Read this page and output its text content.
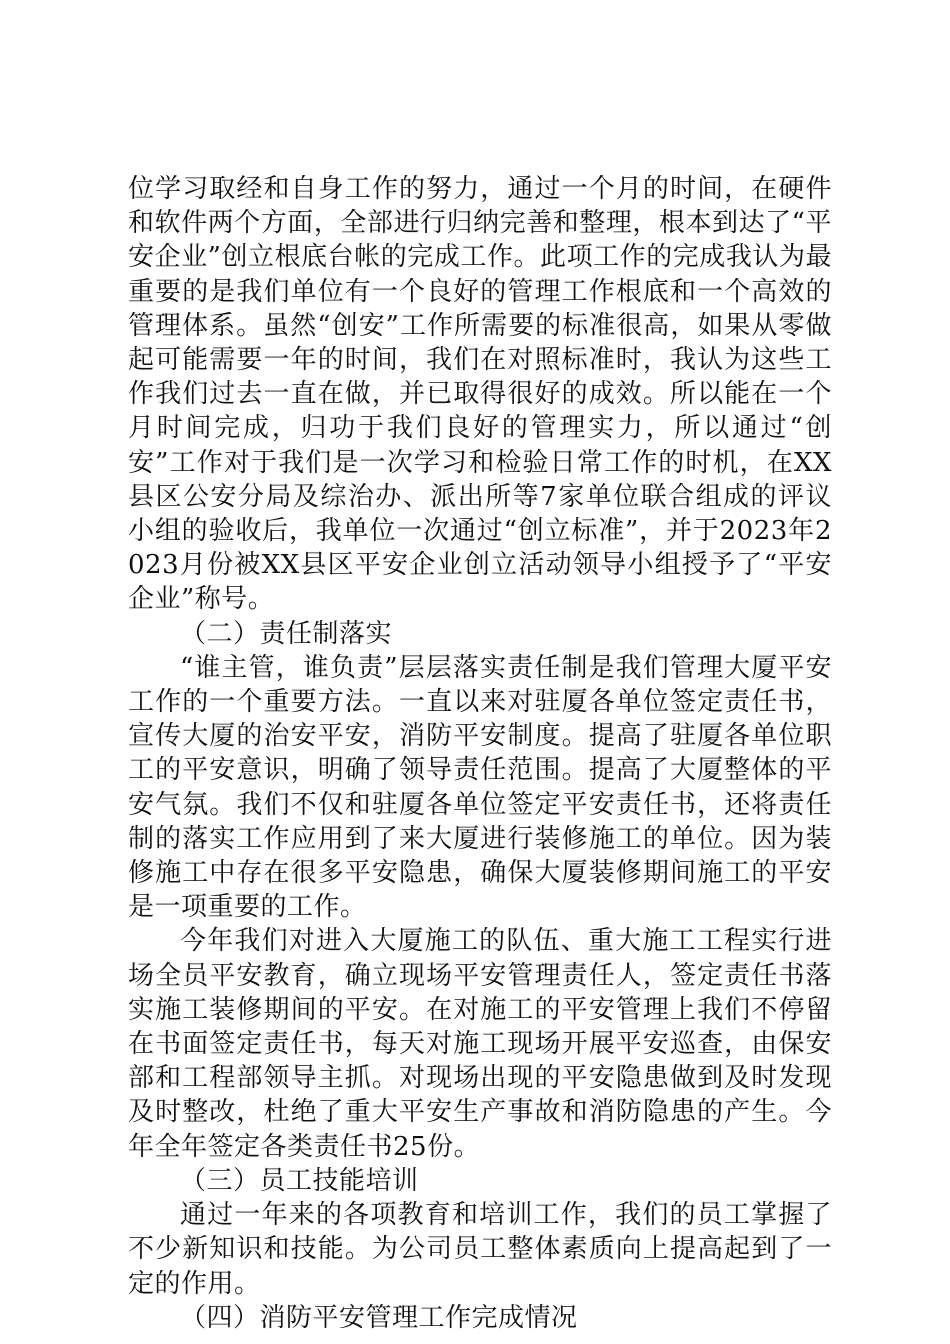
位学习取经和自身工作的努力，通过一个月的时间，在硬件和软件两个方面，全部进行归纳完善和整理，根本到达了“平安企业”创立根底台帐的完成工作。此项工作的完成我认为最重要的是我们单位有一个良好的管理工作根底和一个高效的管理体系。虽然“创安”工作所需要的标准很高，如果从零做起可能需要一年的时间，我们在对照标准时，我认为这些工作我们过去一直在做，并已取得很好的成效。所以能在一个月时间完成，归功于我们良好的管理实力，所以通过“创安”工作对于我们是一次学习和检验日常工作的时机，在XX县区公安分局及综治办、派出所等7家单位联合组成的评议小组的验收后，我单位一次通过“创立标准”，并于2023年2023月份被XX县区平安企业创立活动领导小组授予了“平安企业”称号。

（二）责任制落实

“谁主管，谁负责”层层落实责任制是我们管理大厦平安工作的一个重要方法。一直以来对驻厦各单位签定责任书，宣传大厦的治安平安，消防平安制度。提高了驻厦各单位职工的平安意识，明确了领导责任范围。提高了大厦整体的平安气氛。我们不仅和驻厦各单位签定平安责任书，还将责任制的落实工作应用到了来大厦进行装修施工的单位。因为装修施工中存在很多平安隐患，确保大厦装修期间施工的平安是一项重要的工作。

今年我们对进入大厦施工的队伍、重大施工工程实行进场全员平安教育，确立现场平安管理责任人，签定责任书落实施工装修期间的平安。在对施工的平安管理上我们不停留在书面签定责任书，每天对施工现场开展平安巡查，由保安部和工程部领导主抓。对现场出现的平安隐患做到及时发现及时整改，杜绝了重大平安生产事故和消防隐患的产生。今年全年签定各类责任书25份。

（三）员工技能培训

通过一年来的各项教育和培训工作，我们的员工掌握了不少新知识和技能。为公司员工整体素质向上提高起到了一定的作用。

（四）消防平安管理工作完成情况
